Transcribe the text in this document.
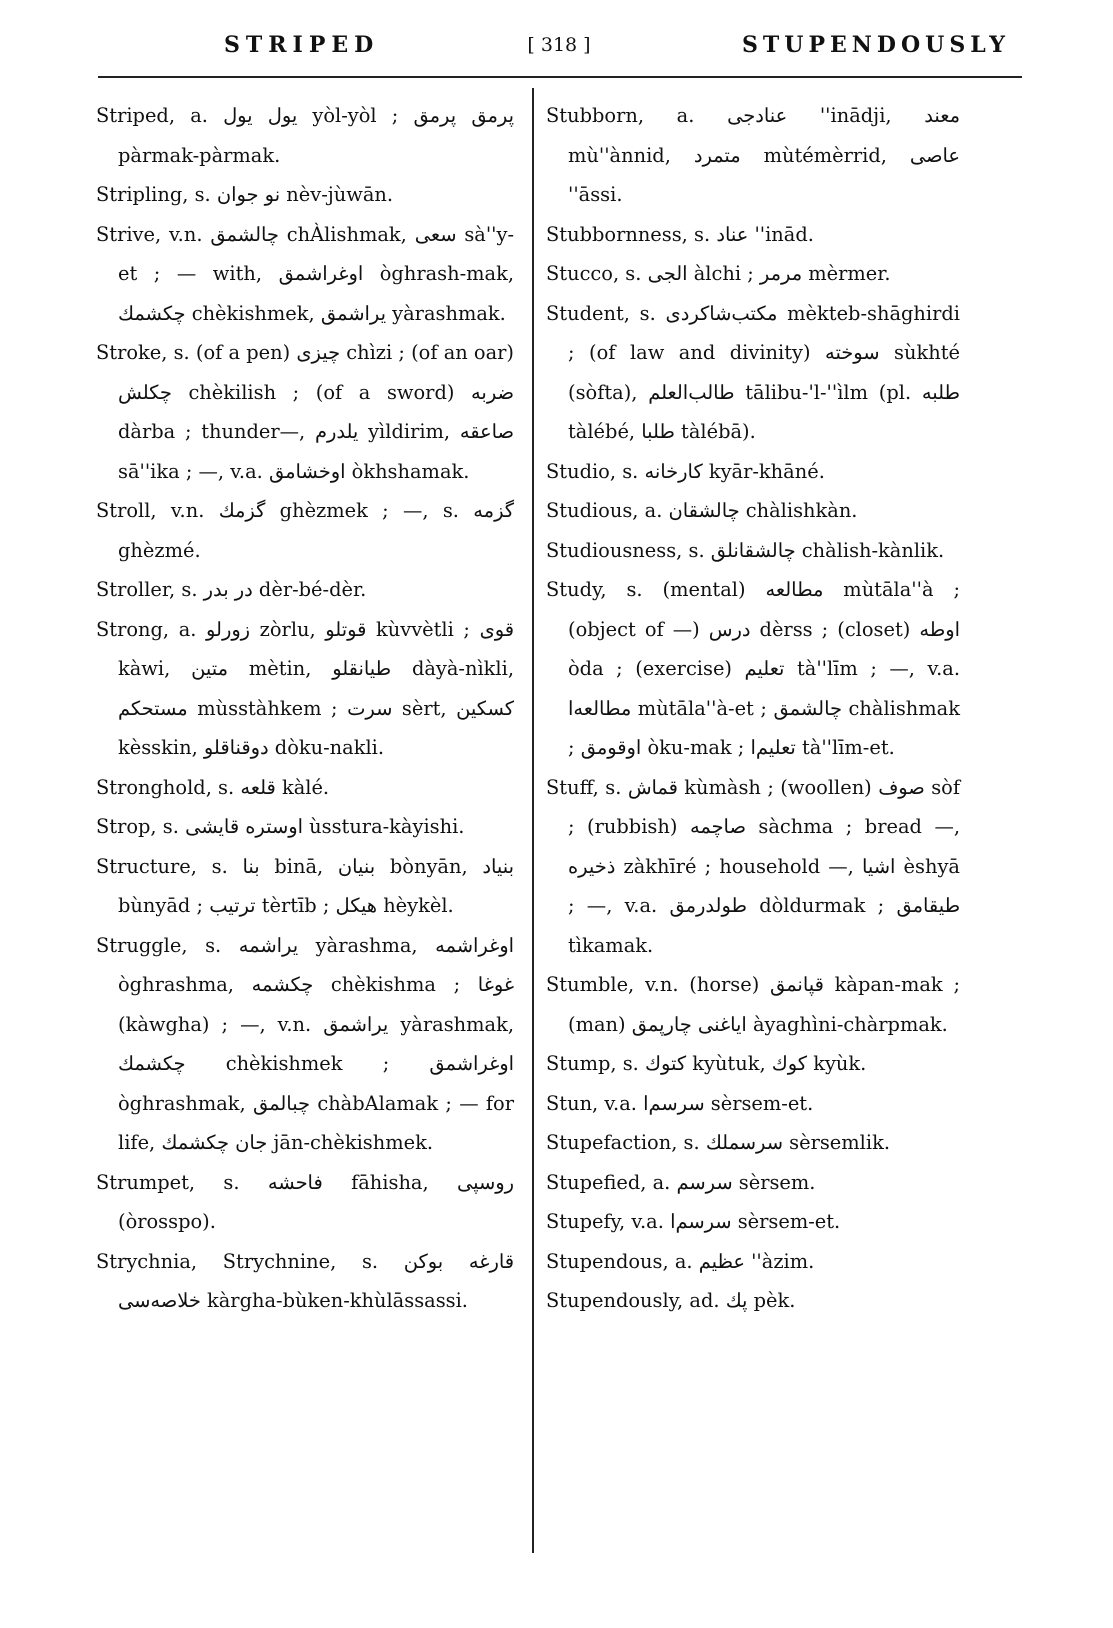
STRIPED	[ 318 ]	STUPENDOUSLY

Striped, a. يول يول yòl-yòl ; پرمق پرمق pàrmak-pàrmak.

Stripling, s. نو جوان nèv-jùwān.

Strive, v.n. چالشمق chÀlishmak, سعی sà''y-et ; — with, اوغراشمق òghrash-mak, چكشمك chèkishmek, يراشمق yàrashmak.

Stroke, s. (of a pen) چيزی chìzi ; (of an oar) چكلش chèkilish ; (of a sword) ضربه dàrba ; thunder—, يلدرم yìldirim, صاعقه sā''ika ; —, v.a. اوخشامق òkhshamak.

Stroll, v.n. گزمك ghèzmek ; —, s. گزمه ghèzmé.

Stroller, s. در بدر dèr-bé-dèr.

Strong, a. زورلو zòrlu, قوتلو kùvvètli ; قوی kàwi, متين mètin, طيانقلو dàyà-nìkli, مستحكم mùsstàhkem ; سرت sèrt, كسكين kèsskin, دوقناقلو dòku-nakli.

Stronghold, s. قلعه kàlé.

Strop, s. اوستره قايشی ùsstura-kàyishi.

Structure, s. بنا binā, بنيان bònyān, بنياد bùnyād ; ترتيب tèrtīb ; هيكل hèykèl.

Struggle, s. يراشمه yàrashma, اوغراشمه òghrashma, چكشمه chèkishma ; غوغا (kàwgha) ; —, v.n. يراشمق yàrashmak, چكشمك chèkishmek ; اوغراشمق òghrashmak, چبالمق chàbAlamak ; — for life, جان چكشمك jān-chèkishmek.

Strumpet, s. فاحشه fāhisha, روسپی (òrosspo).

Strychnia, Strychnine, s. قارغه بوكن خلاصه‌سی kàrgha-bùken-khùlāssassi.

Stubborn, a. عنادجی ''inādji, معند mù''ànnid, متمرد mùtémèrrid, عاصی ''āssi.

Stubbornness, s. عناد ''inād.

Stucco, s. الجی àlchi ; مرمر mèrmer.

Student, s. مكتب‌شاكردی mèkteb-shāghirdi ; (of law and divinity) سوخته sùkhté (sòfta), طالب‌العلم tālibu-'l-''ìlm (pl. طلبه tàlébé, طلبا tàlébā).

Studio, s. كارخانه kyār-khāné.

Studious, a. چالشقان chàlishkàn.

Studiousness, s. چالشقانلق chàlish-kànlik.

Study, s. (mental) مطالعه mùtāla''à ; (object of —) درس dèrss ; (closet) اوطه òda ; (exercise) تعليم tà''līm ; —, v.a. مطالعه‌ا mùtāla''à-et ; چالشمق chàlishmak ; اوقومق òku-mak ; تعليم‌ا tà''līm-et.

Stuff, s. قماش kùmàsh ; (woollen) صوف sòf ; (rubbish) صاچمه sàchma ; bread —, ذخيره zàkhīré ; household —, اشيا èshyā ; —, v.a. طولدرمق dòldurmak ; طيقامق tìkamak.

Stumble, v.n. (horse) قپانمق kàpan-mak ; (man) اياغنی چارپمق àyaghìni-chàrpmak.

Stump, s. كتوك kyùtuk, كوك kyùk.

Stun, v.a. سرسم‌ا sèrsem-et.

Stupefaction, s. سرسملك sèrsemlik.

Stupefied, a. سرسم sèrsem.

Stupefy, v.a. سرسم‌ا sèrsem-et.

Stupendous, a. عظيم ''àzim.

Stupendously, ad. پك pèk.
